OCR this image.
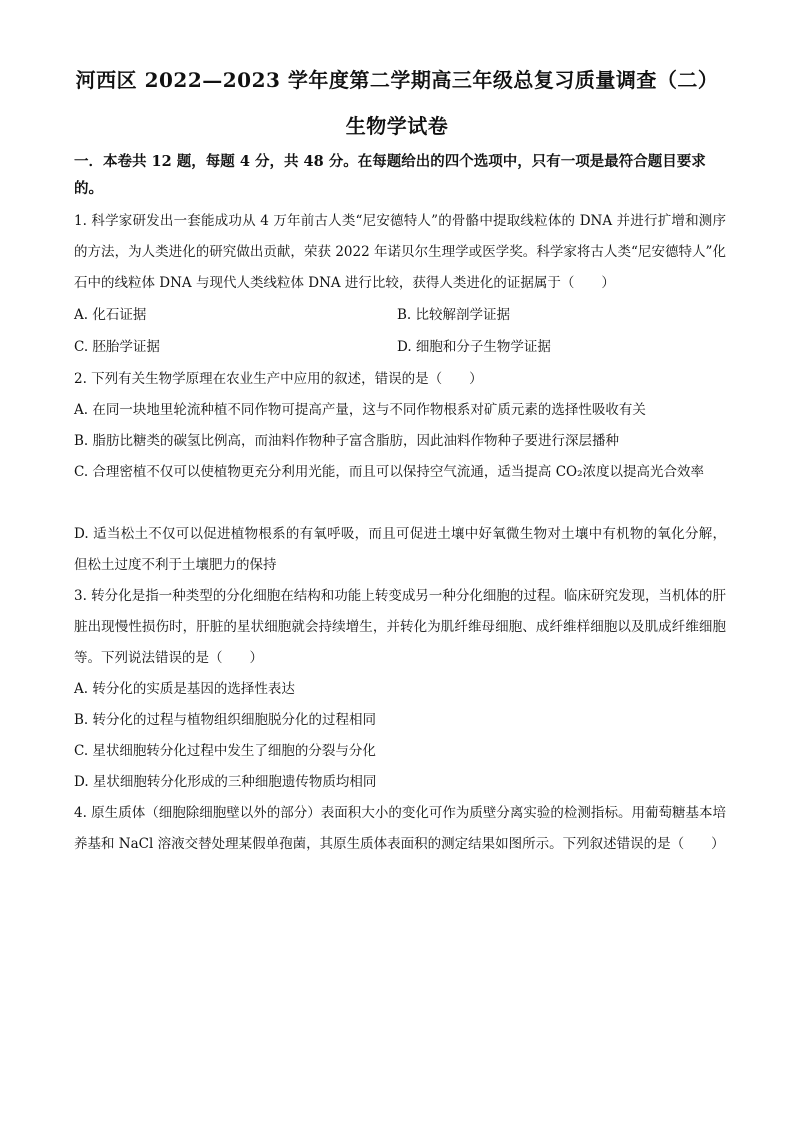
河西区 2022—2023 学年度第二学期高三年级总复习质量调查（二）
生物学试卷
一．本卷共 12 题，每题 4 分，共 48 分。在每题给出的四个选项中，只有一项是最符合题目要求的。
1. 科学家研发出一套能成功从 4 万年前古人类“尼安德特人”的骨骼中提取线粒体的 DNA 并进行扩增和测序的方法，为人类进化的研究做出贡献，荣获 2022 年诺贝尔生理学或医学奖。科学家将古人类“尼安德特人”化石中的线粒体 DNA 与现代人类线粒体 DNA 进行比较，获得人类进化的证据属于（　　）
A. 化石证据	B. 比较解剖学证据
C. 胚胎学证据	D. 细胞和分子生物学证据
2. 下列有关生物学原理在农业生产中应用的叙述，错误的是（　　）
A. 在同一块地里轮流种植不同作物可提高产量，这与不同作物根系对矿质元素的选择性吸收有关
B. 脂肪比糖类的碳氢比例高，而油料作物种子富含脂肪，因此油料作物种子要进行深层播种
C. 合理密植不仅可以使植物更充分利用光能，而且可以保持空气流通，适当提高 CO₂浓度以提高光合效率
D. 适当松土不仅可以促进植物根系的有氧呼吸，而且可促进土壤中好氧微生物对土壤中有机物的氧化分解，但松土过度不利于土壤肥力的保持
3. 转分化是指一种类型的分化细胞在结构和功能上转变成另一种分化细胞的过程。临床研究发现，当机体的肝脏出现慢性损伤时，肝脏的星状细胞就会持续增生，并转化为肌纤维母细胞、成纤维样细胞以及肌成纤维细胞等。下列说法错误的是（　　）
A. 转分化的实质是基因的选择性表达
B. 转分化的过程与植物组织细胞脱分化的过程相同
C. 星状细胞转分化过程中发生了细胞的分裂与分化
D. 星状细胞转分化形成的三种细胞遗传物质均相同
4. 原生质体（细胞除细胞壁以外的部分）表面积大小的变化可作为质壁分离实验的检测指标。用葡萄糖基本培养基和 NaCl 溶液交替处理某假单孢菌，其原生质体表面积的测定结果如图所示。下列叙述错误的是（　　）
